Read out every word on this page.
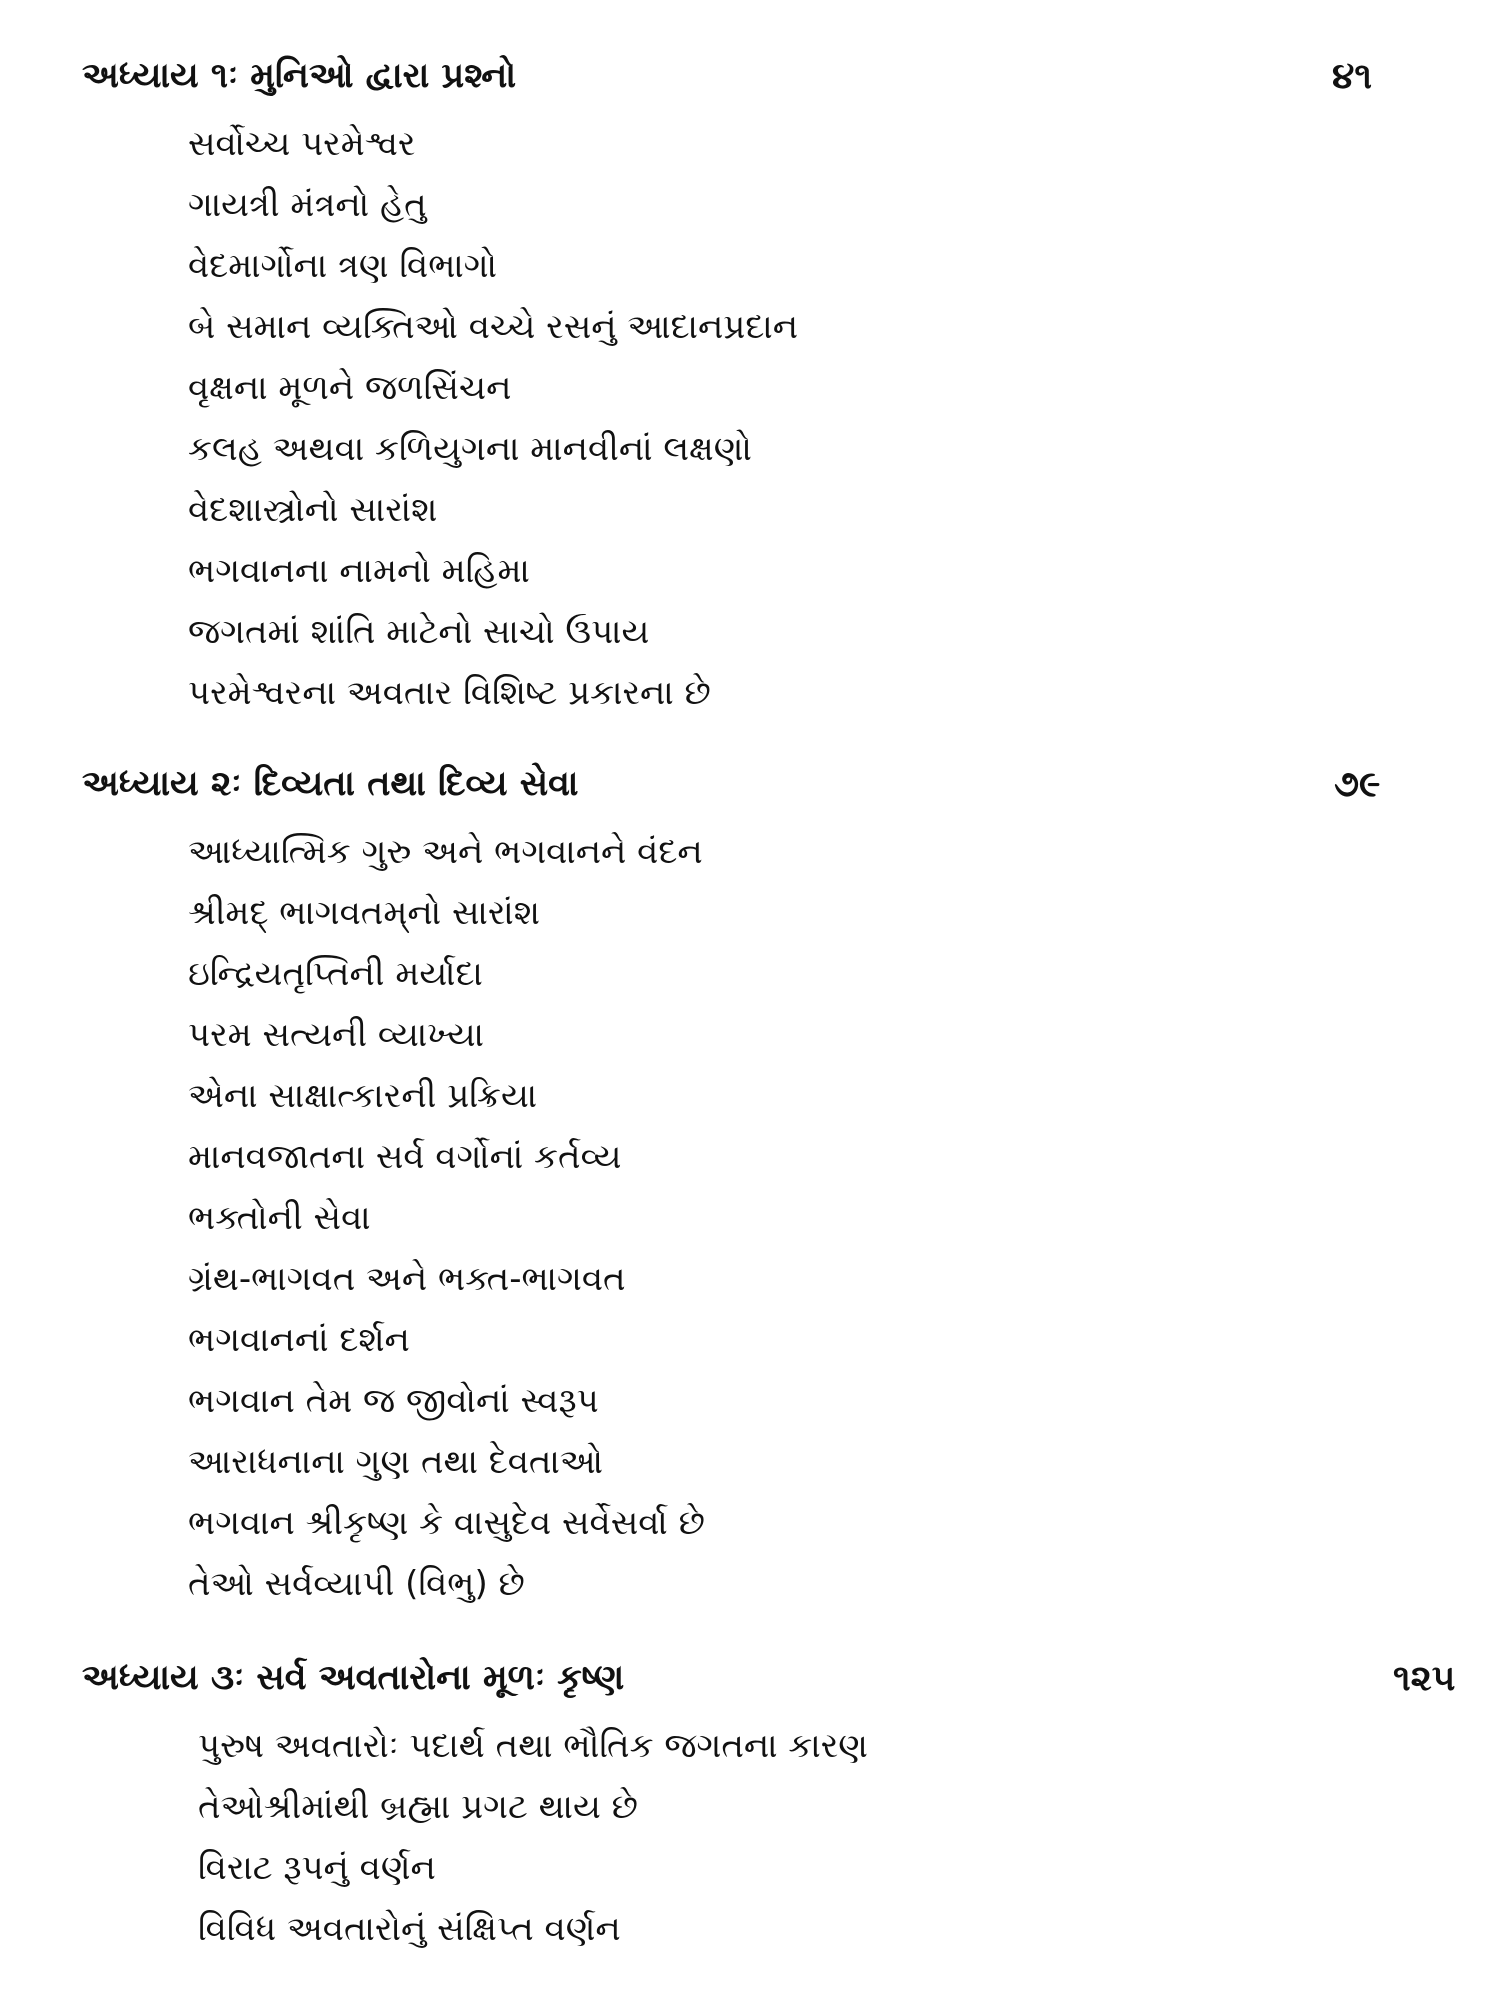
અધ્યાય ૧ઃ મુનિઓ દ્વારા પ્રશ્નો	૪૧
સર્વોચ્ચ પરમેશ્વર
ગાયત્રી મંત્રનો હેતુ
વેદમાર્ગોના ત્રણ વિભાગો
બે સમાન વ્યક્તિઓ વચ્ચે રસનું આદાનપ્રદાન
વૃક્ષના મૂળને જળસિંચન
કલહ અથવા કળિયુગના માનવીનાં લક્ષણો
વેદશાસ્ત્રોનો સારાંશ
ભગવાનના નામનો મહિમા
જગતમાં શાંતિ માટેનો સાચો ઉપાય
પરમેશ્વરના અવતાર વિશિષ્ટ પ્રકારના છે
અધ્યાય ૨ઃ દિવ્યતા તથા દિવ્ય સેવા	૭૯
આધ્યાત્મિક ગુરુ અને ભગવાનને વંદન
શ્રીમદ્ ભાગવતમ્‌નો સારાંશ
ઇન્દ્રિયતૃપ્તિની મર્યાદા
પરમ સત્યની વ્યાખ્યા
એના સાક્ષાત્કારની પ્રક્રિયા
માનવજાતના સર્વ વર્ગોનાં કર્તવ્ય
ભક્તોની સેવા
ગ્રંથ-ભાગવત અને ભક્ત-ભાગવત
ભગવાનનાં દર્શન
ભગવાન તેમ જ જીવોનાં સ્વરૂપ
આરાધનાના ગુણ તથા દેવતાઓ
ભગવાન શ્રીકૃષ્ણ કે વાસુદેવ સર્વેસર્વા છે
તેઓ સર્વવ્યાપી (વિભુ) છે
અધ્યાય ૩ઃ સર્વ અવતારોના મૂળઃ કૃષ્ણ	૧૨૫
પુરુષ અવતારોઃ પદાર્થ તથા ભૌતિક જગતના કારણ
તેઓશ્રીમાંથી બ્રહ્મા પ્રગટ થાય છે
વિરાટ રૂપનું વર્ણન
વિવિધ અવતારોનું સંક્ષિપ્ત વર્ણન
